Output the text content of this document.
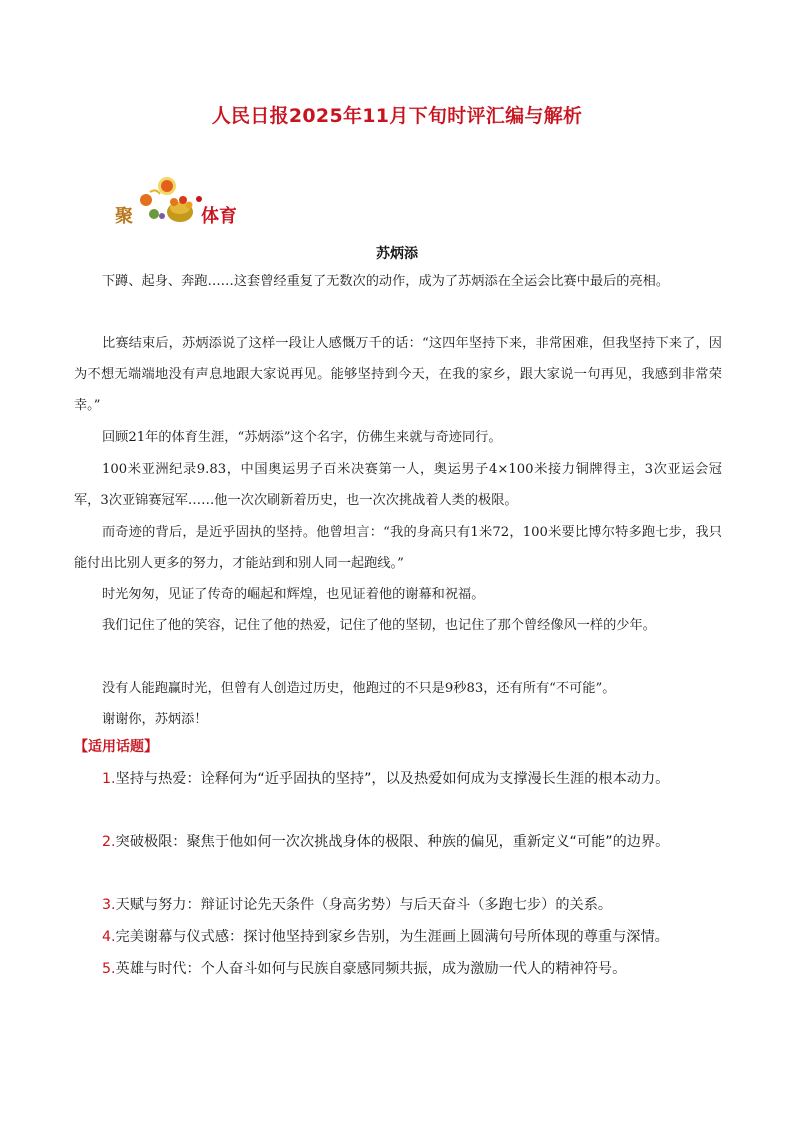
人民日报2025年11月下旬时评汇编与解析
聚	体育
苏炳添

下蹲、起身、奔跑……这套曾经重复了无数次的动作，成为了苏炳添在全运会比赛中最后的亮相。

比赛结束后，苏炳添说了这样一段让人感慨万千的话：“这四年坚持下来，非常困难，但我坚持下来了，因为不想无端端地没有声息地跟大家说再见。能够坚持到今天，在我的家乡，跟大家说一句再见，我感到非常荣幸。”

回顾21年的体育生涯，“苏炳添”这个名字，仿佛生来就与奇迹同行。

100米亚洲纪录9.83，中国奥运男子百米决赛第一人，奥运男子4×100米接力铜牌得主，3次亚运会冠军，3次亚锦赛冠军……他一次次刷新着历史，也一次次挑战着人类的极限。

而奇迹的背后，是近乎固执的坚持。他曾坦言：“我的身高只有1米72，100米要比博尔特多跑七步，我只能付出比别人更多的努力，才能站到和别人同一起跑线。”

时光匆匆，见证了传奇的崛起和辉煌，也见证着他的谢幕和祝福。

我们记住了他的笑容，记住了他的热爱，记住了他的坚韧，也记住了那个曾经像风一样的少年。

没有人能跑赢时光，但曾有人创造过历史，他跑过的不只是9秒83，还有所有“不可能”。

谢谢你，苏炳添！

【适用话题】

1.坚持与热爱：诠释何为“近乎固执的坚持”，以及热爱如何成为支撑漫长生涯的根本动力。

2.突破极限：聚焦于他如何一次次挑战身体的极限、种族的偏见，重新定义“可能”的边界。

3.天赋与努力：辩证讨论先天条件（身高劣势）与后天奋斗（多跑七步）的关系。

4.完美谢幕与仪式感：探讨他坚持到家乡告别，为生涯画上圆满句号所体现的尊重与深情。

5.英雄与时代：个人奋斗如何与民族自豪感同频共振，成为激励一代人的精神符号。
